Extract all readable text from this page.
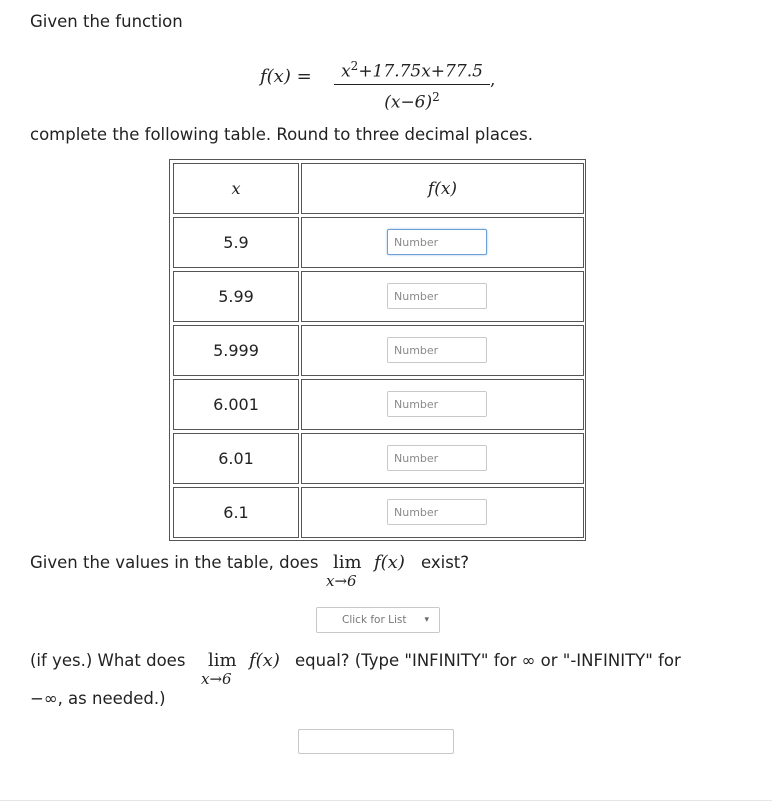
Given the function
f(x) =	$x^2+17.75x+77.5$
$(x-6)^2$
,
complete the following table. Round to three decimal places.
x	f(x)
5.9	Number
5.99	Number
5.999	Number
6.001	Number
6.01	Number
6.1	Number
Given the values in the table, does lim
x→6
f(x) exist?
Click for List ▾
(if yes.) What does lim
x→6
f(x) equal? (Type "INFINITY" for ∞ or "-INFINITY" for
−∞, as needed.)
